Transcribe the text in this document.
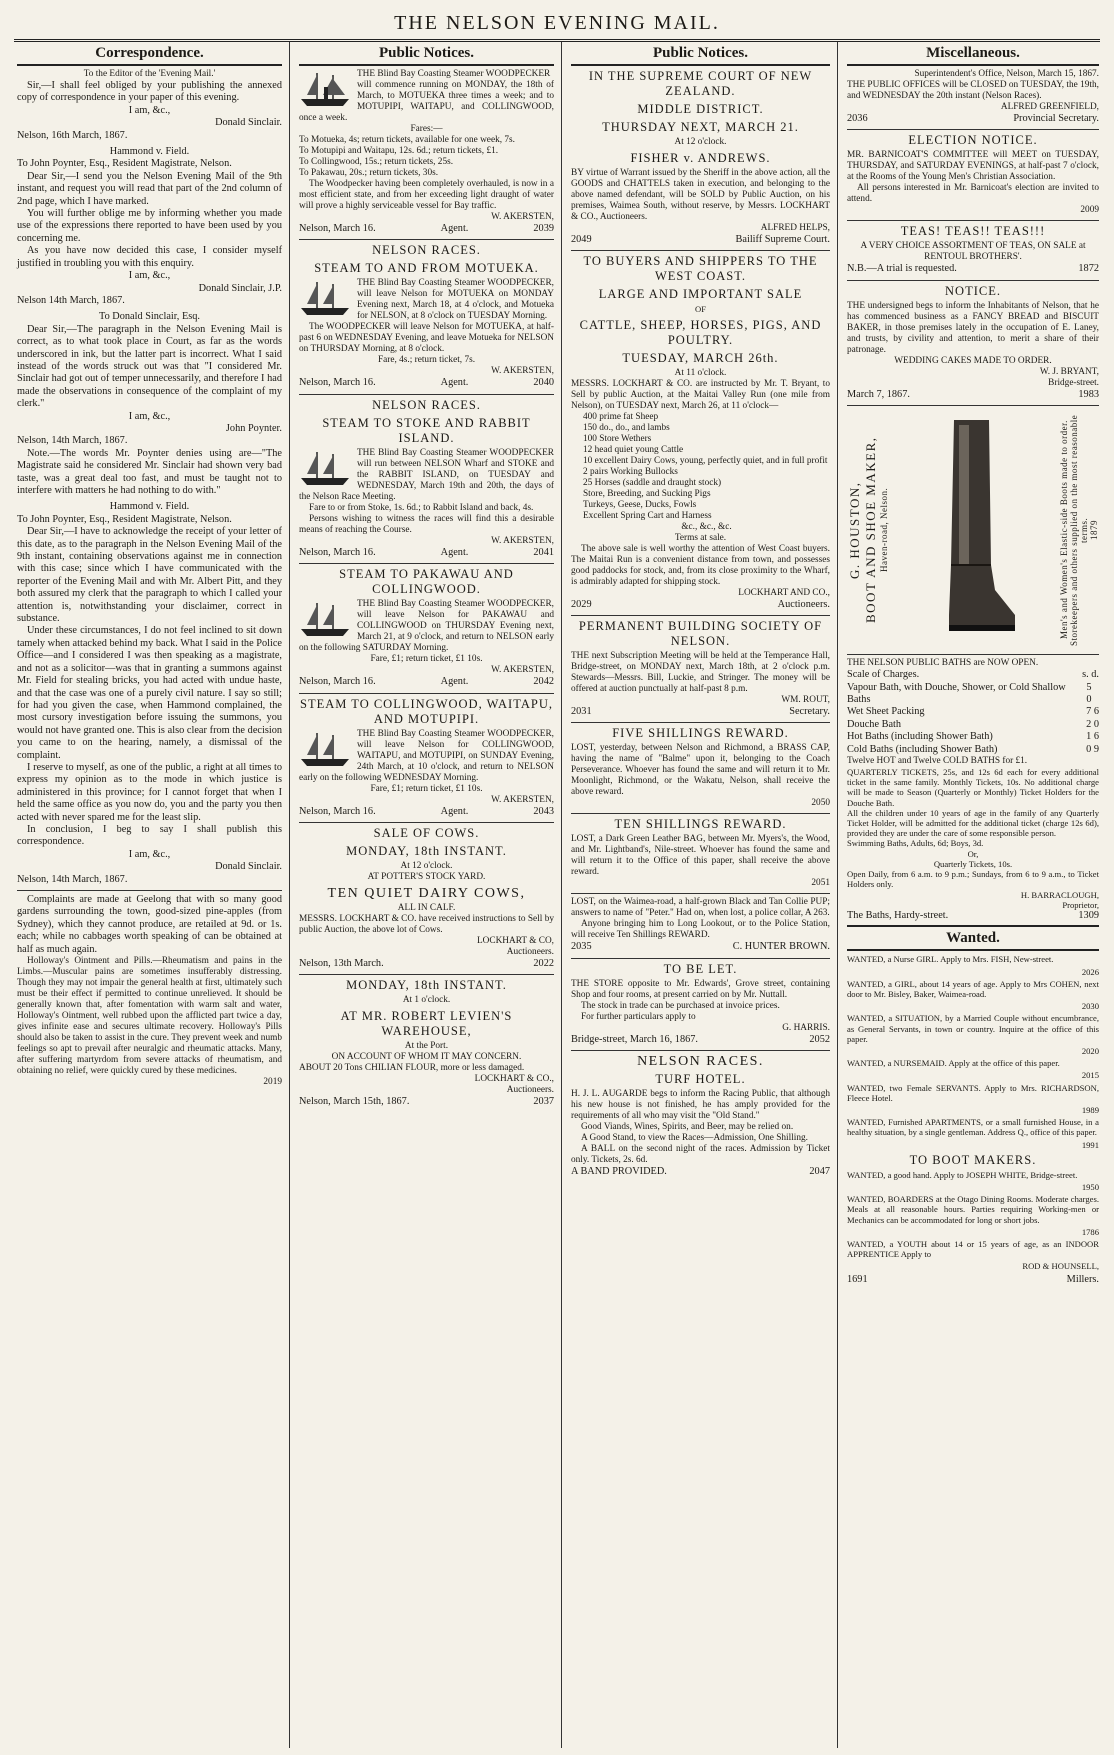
THE NELSON EVENING MAIL.
Correspondence.

To the Editor of the 'Evening Mail.'

Sir,—I shall feel obliged by your publishing the annexed copy of correspondence in your paper of this evening.

I am, &c.,

Donald Sinclair.

Nelson, 16th March, 1867.

Hammond v. Field.

To John Poynter, Esq., Resident Magistrate, Nelson.

Dear Sir,—I send you the Nelson Evening Mail of the 9th instant, and request you will read that part of the 2nd column of 2nd page, which I have marked.

You will further oblige me by informing whether you made use of the expressions there reported to have been used by you concerning me.

As you have now decided this case, I consider myself justified in troubling you with this enquiry.

I am, &c.,

Donald Sinclair, J.P.

Nelson 14th March, 1867.

To Donald Sinclair, Esq.

Dear Sir,—The paragraph in the Nelson Evening Mail is correct, as to what took place in Court, as far as the words underscored in ink, but the latter part is incorrect. What I said instead of the words struck out was that "I considered Mr. Sinclair had got out of temper unnecessarily, and therefore I had made the observations in consequence of the complaint of my clerk."

I am, &c.,

John Poynter.

Nelson, 14th March, 1867.

Note.—The words Mr. Poynter denies using are—"The Magistrate said he considered Mr. Sinclair had shown very bad taste, was a great deal too fast, and must be taught not to interfere with matters he had nothing to do with."

Hammond v. Field.

To John Poynter, Esq., Resident Magistrate, Nelson.

Dear Sir,—I have to acknowledge the receipt of your letter of this date, as to the paragraph in the Nelson Evening Mail of the 9th instant, containing observations against me in connection with this case; since which I have communicated with the reporter of the Evening Mail and with Mr. Albert Pitt, and they both assured my clerk that the paragraph to which I called your attention is, notwithstanding your disclaimer, correct in substance.

Under these circumstances, I do not feel inclined to sit down tamely when attacked behind my back. What I said in the Police Office—and I considered I was then speaking as a magistrate, and not as a solicitor—was that in granting a summons against Mr. Field for stealing bricks, you had acted with undue haste, and that the case was one of a purely civil nature. I say so still; for had you given the case, when Hammond complained, the most cursory investigation before issuing the summons, you would not have granted one. This is also clear from the decision you came to on the hearing, namely, a dismissal of the complaint.

I reserve to myself, as one of the public, a right at all times to express my opinion as to the mode in which justice is administered in this province; for I cannot forget that when I held the same office as you now do, you and the party you then acted with never spared me for the least slip.

In conclusion, I beg to say I shall publish this correspondence.

I am, &c.,

Donald Sinclair.

Nelson, 14th March, 1867.

Complaints are made at Geelong that with so many good gardens surrounding the town, good-sized pine-apples (from Sydney), which they cannot produce, are retailed at 9d. or 1s. each; while no cabbages worth speaking of can be obtained at half as much again.

Holloway's Ointment and Pills.—Rheumatism and pains in the Limbs.—Muscular pains are sometimes insufferably distressing. Though they may not impair the general health at first, ultimately such must be their effect if permitted to continue unrelieved. It should be generally known that, after fomentation with warm salt and water, Holloway's Ointment, well rubbed upon the afflicted part twice a day, gives infinite ease and secures ultimate recovery. Holloway's Pills should also be taken to assist in the cure. They prevent week and numb feelings so apt to prevail after neuralgic and rheumatic attacks. Many, after suffering martyrdom from severe attacks of rheumatism, and obtaining no relief, were quickly cured by these medicines.

2019

Public Notices.

THE Blind Bay Coasting Steamer WOODPECKER

will commence running on MONDAY, the 18th of March, to MOTUEKA three times a week; and to MOTUPIPI, WAITAPU, and COLLINGWOOD, once a week.

Fares:—

To Motueka, 4s; return tickets, available for one week, 7s.

To Motupipi and Waitapu, 12s. 6d.; return tickets, £1.

To Collingwood, 15s.; return tickets, 25s.

To Pakawau, 20s.; return tickets, 30s.

The Woodpecker having been completely overhauled, is now in a most efficient state, and from her exceeding light draught of water will prove a highly serviceable vessel for Bay traffic.

W. AKERSTEN,

Nelson, March 16.	Agent.	2039

NELSON RACES.

STEAM TO AND FROM MOTUEKA.

THE Blind Bay Coasting Steamer WOODPECKER, will leave Nelson for MOTUEKA on MONDAY Evening next, March 18, at 4 o'clock, and Motueka for NELSON, at 8 o'clock on TUESDAY Morning.

The WOODPECKER will leave Nelson for MOTUEKA, at half-past 6 on WEDNESDAY Evening, and leave Motueka for NELSON on THURSDAY Morning, at 8 o'clock.

Fare, 4s.; return ticket, 7s.

W. AKERSTEN,

Nelson, March 16.	Agent.	2040

NELSON RACES.

STEAM TO STOKE AND RABBIT ISLAND.

THE Blind Bay Coasting Steamer WOODPECKER will run between NELSON Wharf and STOKE and the RABBIT ISLAND, on TUESDAY and WEDNESDAY, March 19th and 20th, the days of the Nelson Race Meeting.

Fare to or from Stoke, 1s. 6d.; to Rabbit Island and back, 4s.

Persons wishing to witness the races will find this a desirable means of reaching the Course.

W. AKERSTEN,

Nelson, March 16.	Agent.	2041

STEAM TO PAKAWAU AND COLLINGWOOD.

THE Blind Bay Coasting Steamer WOODPECKER, will leave Nelson for PAKAWAU and COLLINGWOOD on THURSDAY Evening next, March 21, at 9 o'clock, and return to NELSON early on the following SATURDAY Morning.

Fare, £1; return ticket, £1 10s.

W. AKERSTEN,

Nelson, March 16.	Agent.	2042

STEAM TO COLLINGWOOD, WAITAPU, AND MOTUPIPI.

THE Blind Bay Coasting Steamer WOODPECKER, will leave Nelson for COLLINGWOOD, WAITAPU, and MOTUPIPI, on SUNDAY Evening, 24th March, at 10 o'clock, and return to NELSON early on the following WEDNESDAY Morning.

Fare, £1; return ticket, £1 10s.

W. AKERSTEN,

Nelson, March 16.	Agent.	2043

SALE OF COWS.

MONDAY, 18th INSTANT.

At 12 o'clock.

AT POTTER'S STOCK YARD.

TEN QUIET DAIRY COWS,

ALL IN CALF.

MESSRS. LOCKHART & CO. have received instructions to Sell by public Auction, the above lot of Cows.

LOCKHART & CO,

Auctioneers.

Nelson, 13th March.	2022

MONDAY, 18th INSTANT.

At 1 o'clock.

AT MR. ROBERT LEVIEN'S WAREHOUSE,

At the Port.

ON ACCOUNT OF WHOM IT MAY CONCERN.

ABOUT 20 Tons CHILIAN FLOUR, more or less damaged.

LOCKHART & CO.,

Auctioneers.

Nelson, March 15th, 1867.	2037
Public Notices.

IN THE SUPREME COURT OF NEW ZEALAND.

MIDDLE DISTRICT.

THURSDAY NEXT, MARCH 21.

At 12 o'clock.

FISHER v. ANDREWS.

BY virtue of Warrant issued by the Sheriff in the above action, all the GOODS and CHATTELS taken in execution, and belonging to the above named defendant, will be SOLD by Public Auction, on his premises, Waimea South, without reserve, by Messrs. LOCKHART & CO., Auctioneers.

ALFRED HELPS,

2049	Bailiff Supreme Court.

TO BUYERS AND SHIPPERS TO THE WEST COAST.

LARGE AND IMPORTANT SALE

OF

CATTLE, SHEEP, HORSES, PIGS, AND POULTRY.

TUESDAY, MARCH 26th.

At 11 o'clock.

MESSRS. LOCKHART & CO. are instructed by Mr. T. Bryant, to Sell by public Auction, at the Maitai Valley Run (one mile from Nelson), on TUESDAY next, March 26, at 11 o'clock—

400 prime fat Sheep

150 do., do., and lambs

100 Store Wethers

12 head quiet young Cattle

10 excellent Dairy Cows, young, perfectly quiet, and in full profit

2 pairs Working Bullocks

25 Horses (saddle and draught stock)

Store, Breeding, and Sucking Pigs

Turkeys, Geese, Ducks, Fowls

Excellent Spring Cart and Harness

&c., &c., &c.

Terms at sale.

The above sale is well worthy the attention of West Coast buyers. The Maitai Run is a convenient distance from town, and possesses good paddocks for stock, and, from its close proximity to the Wharf, is admirably adapted for shipping stock.

LOCKHART AND CO.,

2029	Auctioneers.

PERMANENT BUILDING SOCIETY OF NELSON.

THE next Subscription Meeting will be held at the Temperance Hall, Bridge-street, on MONDAY next, March 18th, at 2 o'clock p.m. Stewards—Messrs. Bill, Luckie, and Stringer. The money will be offered at auction punctually at half-past 8 p.m.

WM. ROUT,

2031	Secretary.

FIVE SHILLINGS REWARD.

LOST, yesterday, between Nelson and Richmond, a BRASS CAP, having the name of "Balme" upon it, belonging to the Coach Perseverance. Whoever has found the same and will return it to Mr. Moonlight, Richmond, or the Wakatu, Nelson, shall receive the above reward.

2050

TEN SHILLINGS REWARD.

LOST, a Dark Green Leather BAG, between Mr. Myers's, the Wood, and Mr. Lightband's, Nile-street. Whoever has found the same and will return it to the Office of this paper, shall receive the above reward.

2051

LOST, on the Waimea-road, a half-grown Black and Tan Collie PUP; answers to name of "Peter." Had on, when lost, a police collar, A 263.

Anyone bringing him to Long Lookout, or to the Police Station, will receive Ten Shillings REWARD.

2035	C. HUNTER BROWN.

TO BE LET.

THE STORE opposite to Mr. Edwards', Grove street, containing Shop and four rooms, at present carried on by Mr. Nuttall.

The stock in trade can be purchased at invoice prices.

For further particulars apply to

G. HARRIS.

Bridge-street, March 16, 1867.	2052

NELSON RACES.

TURF HOTEL.

H. J. L. AUGARDE begs to inform the Racing Public, that although his new house is not finished, he has amply provided for the requirements of all who may visit the "Old Stand."

Good Viands, Wines, Spirits, and Beer, may be relied on.

A Good Stand, to view the Races—Admission, One Shilling.

A BALL on the second night of the races. Admission by Ticket only. Tickets, 2s. 6d.

A BAND PROVIDED.	2047
Miscellaneous.

Superintendent's Office, Nelson, March 15, 1867.

THE PUBLIC OFFICES will be CLOSED on TUESDAY, the 19th, and WEDNESDAY the 20th instant (Nelson Races).

ALFRED GREENFIELD,

2036	Provincial Secretary.

ELECTION NOTICE.

MR. BARNICOAT'S COMMITTEE will MEET on TUESDAY, THURSDAY, and SATURDAY EVENINGS, at half-past 7 o'clock, at the Rooms of the Young Men's Christian Association.

All persons interested in Mr. Barnicoat's election are invited to attend.

2009

TEAS! TEAS!! TEAS!!!

A VERY CHOICE ASSORTMENT OF TEAS, ON SALE at RENTOUL BROTHERS'.

N.B.—A trial is requested.	1872

NOTICE.

THE undersigned begs to inform the Inhabitants of Nelson, that he has commenced business as a FANCY BREAD and BISCUIT BAKER, in those premises lately in the occupation of E. Laney, and trusts, by civility and attention, to merit a share of their patronage.

WEDDING CAKES MADE TO ORDER.

W. J. BRYANT,

Bridge-street.

March 7, 1867.	1983
G. HOUSTON, BOOT AND SHOE MAKER, Haven-road, Nelson.	Men's and Women's Elastic-side Boots made to order. Storekeepers and others supplied on the most reasonable terms. 1879

THE NELSON PUBLIC BATHS are NOW OPEN.

Scale of Charges.	s. d.
Vapour Bath, with Douche, Shower, or Cold Shallow Baths
5 0
Wet Sheet Packing	7 6
Douche Bath	2 0
Hot Baths (including Shower Bath)	1 6
Cold Baths (including Shower Bath)	0 9

Twelve HOT and Twelve COLD BATHS for £1.

QUARTERLY TICKETS, 25s, and 12s 6d each for every additional ticket in the same family. Monthly Tickets, 10s. No additional charge will be made to Season (Quarterly or Monthly) Ticket Holders for the Douche Bath.

All the children under 10 years of age in the family of any Quarterly Ticket Holder, will be admitted for the additional ticket (charge 12s 6d), provided they are under the care of some responsible person.

Swimming Baths, Adults, 6d; Boys, 3d.

Or,

Quarterly Tickets, 10s.

Open Daily, from 6 a.m. to 9 p.m.; Sundays, from 6 to 9 a.m., to Ticket Holders only.

H. BARRACLOUGH,

Proprietor,

The Baths, Hardy-street.	1309
Wanted.

WANTED, a Nurse GIRL. Apply to Mrs. FISH, New-street.

2026

WANTED, a GIRL, about 14 years of age. Apply to Mrs COHEN, next door to Mr. Bisley, Baker, Waimea-road.

2030

WANTED, a SITUATION, by a Married Couple without encumbrance, as General Servants, in town or country. Inquire at the office of this paper.

2020

WANTED, a NURSEMAID. Apply at the office of this paper.

2015

WANTED, two Female SERVANTS. Apply to Mrs. RICHARDSON, Fleece Hotel.

1989

WANTED, Furnished APARTMENTS, or a small furnished House, in a healthy situation, by a single gentleman. Address Q., office of this paper.

1991

TO BOOT MAKERS.

WANTED, a good hand. Apply to JOSEPH WHITE, Bridge-street.

1950

WANTED, BOARDERS at the Otago Dining Rooms. Moderate charges. Meals at all reasonable hours. Parties requiring Working-men or Mechanics can be accommodated for long or short jobs.

1786

WANTED, a YOUTH about 14 or 15 years of age, as an INDOOR APPRENTICE Apply to

ROD & HOUNSELL,

1691	Millers.
